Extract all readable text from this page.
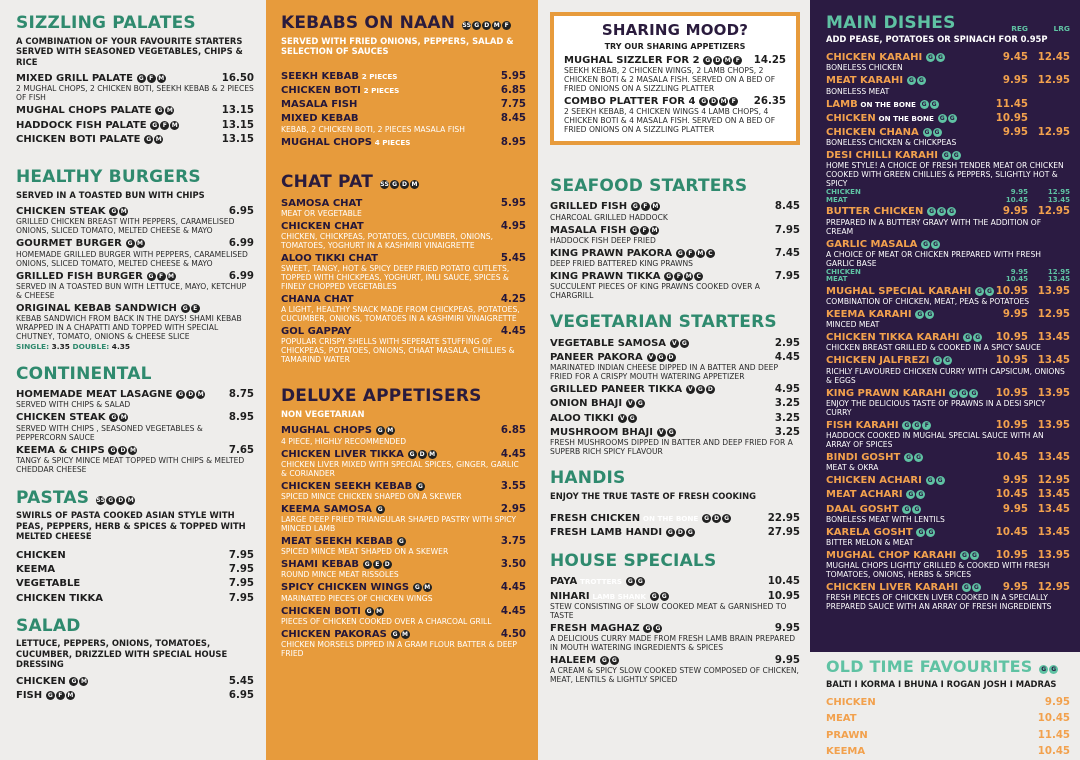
SIZZLING PALATES
A COMBINATION OF YOUR FAVOURITE STARTERS SERVED WITH SEASONED VEGETABLES, CHIPS & RICE
MIXED GRILL PALATE G F M	16.50
2 MUGHAL CHOPS, 2 CHICKEN BOTI, SEEKH KEBAB & 2 PIECES OF FISH
MUGHAL CHOPS PALATE G M	13.15
HADDOCK FISH PALATE G F M	13.15
CHICKEN BOTI PALATE G M	13.15
HEALTHY BURGERS
SERVED IN A TOASTED BUN WITH CHIPS
CHICKEN STEAK G M	6.95
GRILLED CHICKEN BREAST WITH PEPPERS, CARAMELISED ONIONS, SLICED TOMATO, MELTED CHEESE & MAYO
GOURMET BURGER G M	6.99
HOMEMADE GRILLED BURGER WITH PEPPERS, CARAMELISED ONIONS, SLICED TOMATO, MELTED CHEESE & MAYO
GRILLED FISH BURGER G F M	6.99
SERVED IN A TOASTED BUN WITH LETTUCE, MAYO, KETCHUP & CHEESE
ORIGINAL KEBAB SANDWICH G E
KEBAB SANDWICH FROM BACK IN THE DAYS! SHAMI KEBAB WRAPPED IN A CHAPATTI AND TOPPED WITH SPECIAL CHUTNEY, TOMATO, ONIONS & CHEESE SLICE
SINGLE: 3.35 DOUBLE: 4.35
CONTINENTAL
HOMEMADE MEAT LASAGNE G D M 8.75
SERVED WITH CHIPS & SALAD
CHICKEN STEAK G M	8.95
SERVED WITH CHIPS , SEASONED VEGETABLES & PEPPERCORN SAUCE
KEEMA & CHIPS G D M	7.65
TANGY & SPICY MINCE MEAT TOPPED WITH CHIPS & MELTED CHEDDAR CHEESE
PASTAS SS G D M
SWIRLS OF PASTA COOKED ASIAN STYLE WITH PEAS, PEPPERS, HERB & SPICES & TOPPED WITH MELTED CHEESE
CHICKEN	7.95
KEEMA	7.95
VEGETABLE	7.95
CHICKEN TIKKA	7.95
SALAD
LETTUCE, PEPPERS, ONIONS, TOMATOES, CUCUMBER, DRIZZLED WITH SPECIAL HOUSE DRESSING
CHICKEN G M	5.45
FISH G F M	6.95
KEBABS ON NAAN SS G D M F
SERVED WITH FRIED ONIONS, PEPPERS, SALAD & SELECTION OF SAUCES
SEEKH KEBAB 2 PIECES	5.95
CHICKEN BOTI 2 PIECES	6.85
MASALA FISH	7.75
MIXED KEBAB	8.45
KEBAB, 2 CHICKEN BOTI, 2 PIECES MASALA FISH
MUGHAL CHOPS 4 PIECES	8.95
CHAT PAT SS G D M
SAMOSA CHAT	5.95
MEAT OR VEGETABLE
CHICKEN CHAT	4.95
CHICKEN, CHICKPEAS, POTATOES, CUCUMBER, ONIONS, TOMATOES, YOGHURT IN A KASHMIRI VINAIGRETTE
ALOO TIKKI CHAT	5.45
SWEET, TANGY, HOT & SPICY DEEP FRIED POTATO CUTLETS, TOPPED WITH CHICKPEAS, YOGHURT, IMLI SAUCE, SPICES & FINELY CHOPPED VEGETABLES
CHANA CHAT	4.25
A LIGHT, HEALTHY SNACK MADE FROM CHICKPEAS, POTATOES, CUCUMBER, ONIONS, TOMATOES IN A KASHMIRI VINAIGRETTE
GOL GAPPAY	4.45
POPULAR CRISPY SHELLS WITH SEPERATE STUFFING OF CHICKPEAS, POTATOES, ONIONS, CHAAT MASALA, CHILLIES & TAMARIND WATER
DELUXE APPETISERS
NON VEGETARIAN
MUGHAL CHOPS G M	6.85
4 PIECE, HIGHLY RECOMMENDED
CHICKEN LIVER TIKKA G D M	4.45
CHICKEN LIVER MIXED WITH SPECIAL SPICES, GINGER, GARLIC & CORIANDER
CHICKEN SEEKH KEBAB G	3.55
SPICED MINCE CHICKEN SHAPED ON A SKEWER
KEEMA SAMOSA G	2.95
LARGE DEEP FRIED TRIANGULAR SHAPED PASTRY WITH SPICY MINCED LAMB
MEAT SEEKH KEBAB G	3.75
SPICED MINCE MEAT SHAPED ON A SKEWER
SHAMI KEBAB G E D	3.50
ROUND MINCE MEAT RISSOLES
SPICY CHICKEN WINGS G M	4.45
MARINATED PIECES OF CHICKEN WINGS
CHICKEN BOTI G M	4.45
PIECES OF CHICKEN COOKED OVER A CHARCOAL GRILL
CHICKEN PAKORAS G M	4.50
CHICKEN MORSELS DIPPED IN A GRAM FLOUR BATTER & DEEP FRIED
SHARING MOOD?
TRY OUR SHARING APPETIZERS
MUGHAL SIZZLER FOR 2 G D M F 14.25
SEEKH KEBAB, 2 CHICKEN WINGS, 2 LAMB CHOPS, 2 CHICKEN BOTI & 2 MASALA FISH. SERVED ON A BED OF FRIED ONIONS ON A SIZZLING PLATTER
COMBO PLATTER FOR 4 G D M F 26.35
2 SEEKH KEBAB, 4 CHICKEN WINGS 4 LAMB CHOPS, 4 CHICKEN BOTI & 4 MASALA FISH. SERVED ON A BED OF FRIED ONIONS ON A SIZZLING PLATTER
SEAFOOD STARTERS
GRILLED FISH G F M	8.45
CHARCOAL GRILLED HADDOCK
MASALA FISH G F M	7.95
HADDOCK FISH DEEP FRIED
KING PRAWN PAKORA G F M C	7.45
DEEP FRIED BATTERED KING PRAWNS
KING PRAWN TIKKA G F M C	7.95
SUCCULENT PIECES OF KING PRAWNS COOKED OVER A CHARGRILL
VEGETARIAN STARTERS
VEGETABLE SAMOSA V G	2.95
PANEER PAKORA V G D	4.45
MARINATED INDIAN CHEESE DIPPED IN A BATTER AND DEEP FRIED FOR A CRISPY MOUTH WATERING APPETIZER
GRILLED PANEER TIKKA V G D	4.95
ONION BHAJI V G	3.25
ALOO TIKKI V G	3.25
MUSHROOM BHAJI V G	3.25
FRESH MUSHROOMS DIPPED IN BATTER AND DEEP FRIED FOR A SUPERB RICH SPICY FLAVOUR
HANDIS
ENJOY THE TRUE TASTE OF FRESH COOKING
FRESH CHICKEN ON THE BONE G D G	22.95
FRESH LAMB HANDI G D G	27.95
HOUSE SPECIALS
PAYA TROTTERS G G	10.45
NIHARI LAMB SHANK G G	10.95
STEW CONSISTING OF SLOW COOKED MEAT & GARNISHED TO TASTE
FRESH MAGHAZ G G	9.95
A DELICIOUS CURRY MADE FROM FRESH LAMB BRAIN PREPARED IN MOUTH WATERING INGREDIENTS & SPICES
HALEEM G G	9.95
A CREAM & SPICY SLOW COOKED STEW COMPOSED OF CHICKEN, MEAT, LENTILS & LIGHTLY SPICED
MAIN DISHES	REG	LRG
ADD PEASE, POTATOES OR SPINACH FOR 0.95P
CHICKEN KARAHI G G	9.45 12.45
BONELESS CHICKEN
MEAT KARAHI G G	9.95 12.95
BONELESS MEAT
LAMB ON THE BONE G G	11.45
CHICKEN ON THE BONE G G	10.95
CHICKEN CHANA G G	9.95 12.95
BONELESS CHICKEN & CHICKPEAS
DESI CHILLI KARAHI G G
HOME STYLE! A CHOICE OF FRESH TENDER MEAT OR CHICKEN COOKED WITH GREEN CHILLIES & PEPPERS, SLIGHTLY HOT & SPICY
CHICKEN	9.95	12.95
MEAT	10.45	13.45
BUTTER CHICKEN G G G	9.95 12.95
PREPARED IN A BUTTERY GRAVY WITH THE ADDITION OF CREAM
GARLIC MASALA G G
A CHOICE OF MEAT OR CHICKEN PREPARED WITH FRESH GARLIC BASE
CHICKEN	9.95	12.95
MEAT	10.45	13.45
MUGHAL SPECIAL KARAHI G G 10.95 13.95
COMBINATION OF CHICKEN, MEAT, PEAS & POTATOES
KEEMA KARAHI G G	9.95 12.95
MINCED MEAT
CHICKEN TIKKA KARAHI G G 10.95 13.45
CHICKEN BREAST GRILLED & COOKED IN A SPICY SAUCE
CHICKEN JALFREZI G G	10.95 13.45
RICHLY FLAVOURED CHICKEN CURRY WITH CAPSICUM, ONIONS & EGGS
KING PRAWN KARAHI G G G 10.95 13.95
ENJOY THE DELICIOUS TASTE OF PRAWNS IN A DESI SPICY CURRY
FISH KARAHI G G F	10.95 13.95
HADDOCK COOKED IN MUGHAL SPECIAL SAUCE WITH AN ARRAY OF SPICES
BINDI GOSHT G G	10.45 13.45
MEAT & OKRA
CHICKEN ACHARI G G	9.95 12.95
MEAT ACHARI G G	10.45 13.45
DAAL GOSHT G G	9.95 13.45
BONELESS MEAT WITH LENTILS
KARELA GOSHT G G	10.45 13.45
BITTER MELON & MEAT
MUGHAL CHOP KARAHI G G 10.95 13.95
MUGHAL CHOPS LIGHTLY GRILLED & COOKED WITH FRESH TOMATOES, ONIONS, HERBS & SPICES
CHICKEN LIVER KARAHI G G	9.95 12.95
FRESH PIECES OF CHICKEN LIVER COOKED IN A SPECIALLY PREPARED SAUCE WITH AN ARRAY OF FRESH INGREDIENTS
OLD TIME FAVOURITES G G
BALTI I KORMA I BHUNA I ROGAN JOSH I MADRAS
CHICKEN	9.95
MEAT	10.45
PRAWN	11.45
KEEMA	10.45
